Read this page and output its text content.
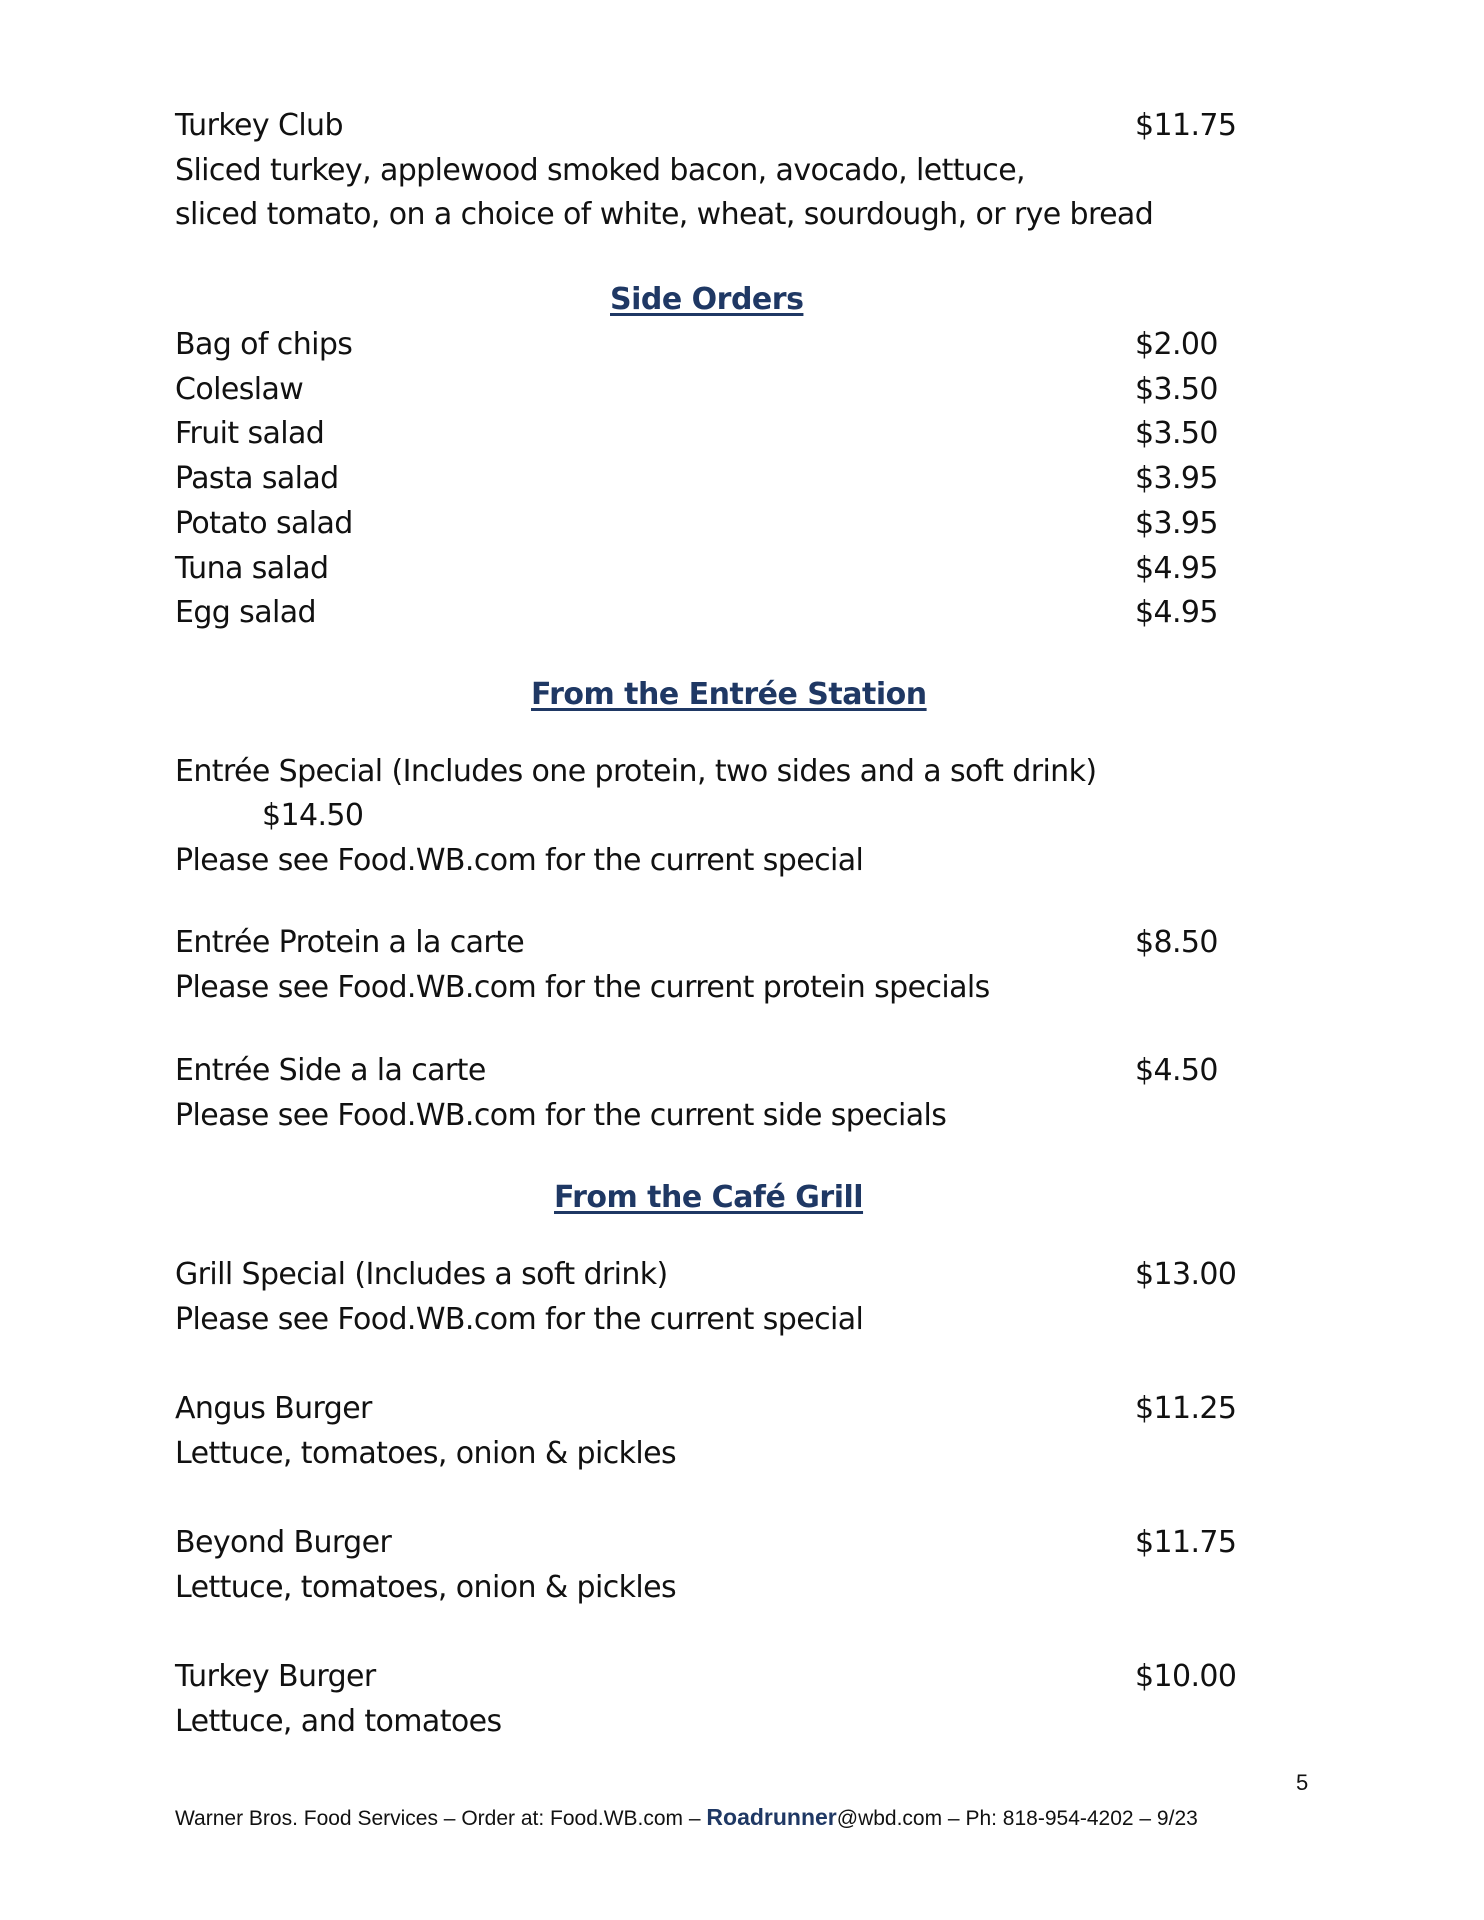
Turkey Club	$11.75
Sliced turkey, applewood smoked bacon, avocado, lettuce,
sliced tomato, on a choice of white, wheat, sourdough, or rye bread
Side Orders
Bag of chips	$2.00
Coleslaw	$3.50
Fruit salad	$3.50
Pasta salad	$3.95
Potato salad	$3.95
Tuna salad	$4.95
Egg salad	$4.95
From the Entrée Station
Entrée Special (Includes one protein, two sides and a soft drink)
$14.50
Please see Food.WB.com for the current special
Entrée Protein a la carte	$8.50
Please see Food.WB.com for the current protein specials
Entrée Side a la carte	$4.50
Please see Food.WB.com for the current side specials
From the Café Grill
Grill Special (Includes a soft drink)	$13.00
Please see Food.WB.com for the current special
Angus Burger	$11.25
Lettuce, tomatoes, onion & pickles
Beyond Burger	$11.75
Lettuce, tomatoes, onion & pickles
Turkey Burger	$10.00
Lettuce, and tomatoes
5
Warner Bros. Food Services – Order at: Food.WB.com – Roadrunner@wbd.com – Ph: 818-954-4202 – 9/23
